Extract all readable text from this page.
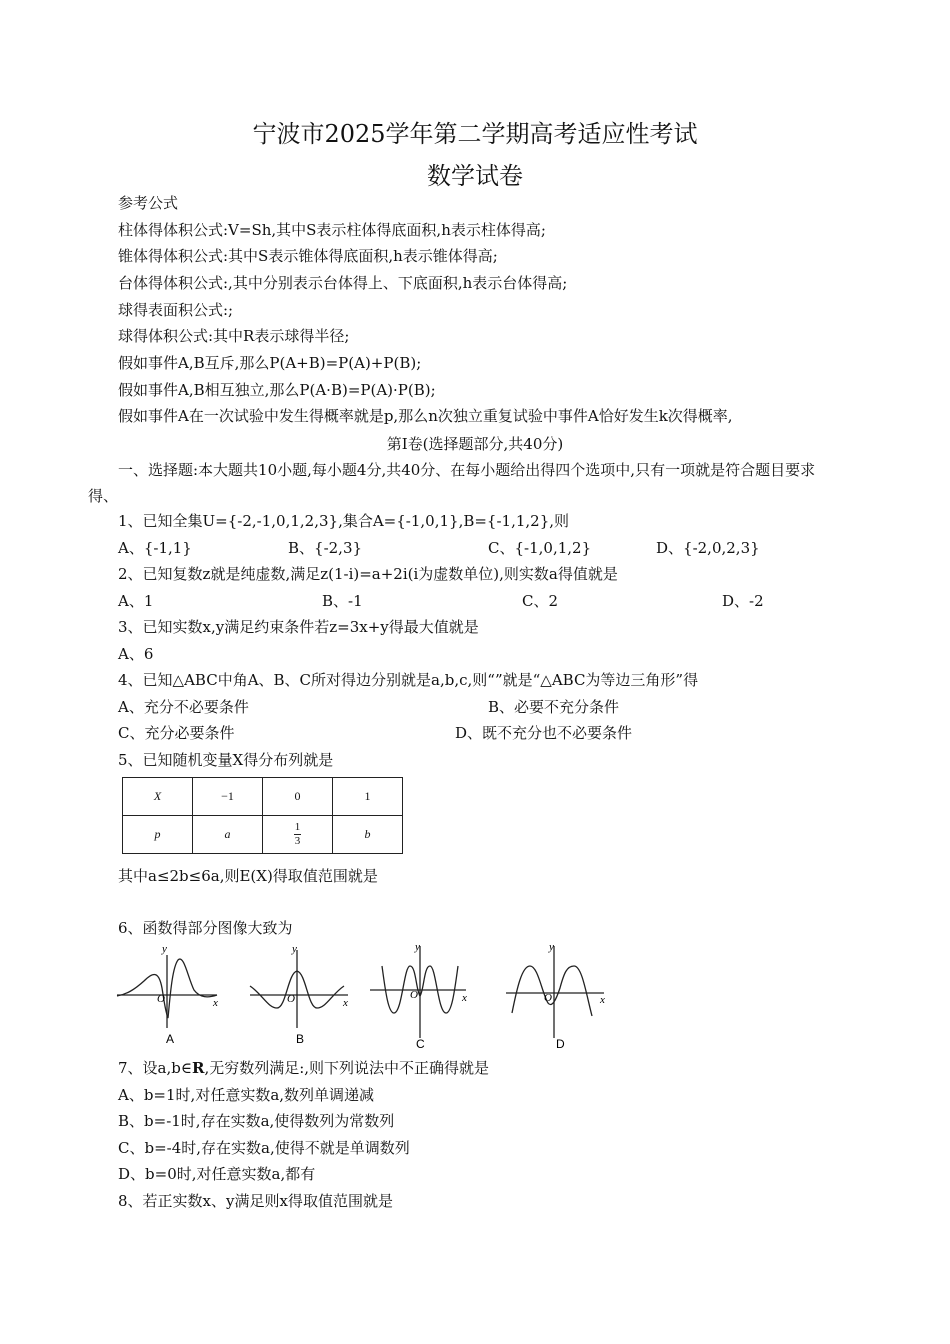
宁波市2025学年第二学期高考适应性考试
数学试卷
参考公式
柱体得体积公式:V=Sh,其中S表示柱体得底面积,h表示柱体得高;
锥体得体积公式:其中S表示锥体得底面积,h表示锥体得高;
台体得体积公式:,其中分别表示台体得上、下底面积,h表示台体得高;
球得表面积公式:;
球得体积公式:其中R表示球得半径;
假如事件A,B互斥,那么P(A+B)=P(A)+P(B);
假如事件A,B相互独立,那么P(A·B)=P(A)·P(B);
假如事件A在一次试验中发生得概率就是p,那么n次独立重复试验中事件A恰好发生k次得概率,
第Ⅰ卷(选择题部分,共40分)
一、选择题:本大题共10小题,每小题4分,共40分、在每小题给出得四个选项中,只有一项就是符合题目要求
得、
1、已知全集U={-2,-1,0,1,2,3},集合A={-1,0,1},B={-1,1,2},则
A、{-1,1}	B、{-2,3}	C、{-1,0,1,2}	D、{-2,0,2,3}
2、已知复数z就是纯虚数,满足z(1-i)=a+2i(i为虚数单位),则实数a得值就是
A、1	B、-1	C、2	D、-2
3、已知实数x,y满足约束条件若z=3x+y得最大值就是
A、6
4、已知△ABC中角A、B、C所对得边分别就是a,b,c,则“”就是“△ABC为等边三角形”得
A、充分不必要条件	B、必要不充分条件
C、充分必要条件	D、既不充分也不必要条件
5、已知随机变量X得分布列就是
X	−1	0	1
p	a	$\frac{1}{3}$	b
其中a≤2b≤6a,则E(X)得取值范围就是
6、函数得部分图像大致为
y
x
O
A
y
x
O
B
y
x
O
C
y
x
O
D
7、设a,b∈R,无穷数列满足:,则下列说法中不正确得就是
A、b=1时,对任意实数a,数列单调递减
B、b=-1时,存在实数a,使得数列为常数列
C、b=-4时,存在实数a,使得不就是单调数列
D、b=0时,对任意实数a,都有
8、若正实数x、y满足则x得取值范围就是
